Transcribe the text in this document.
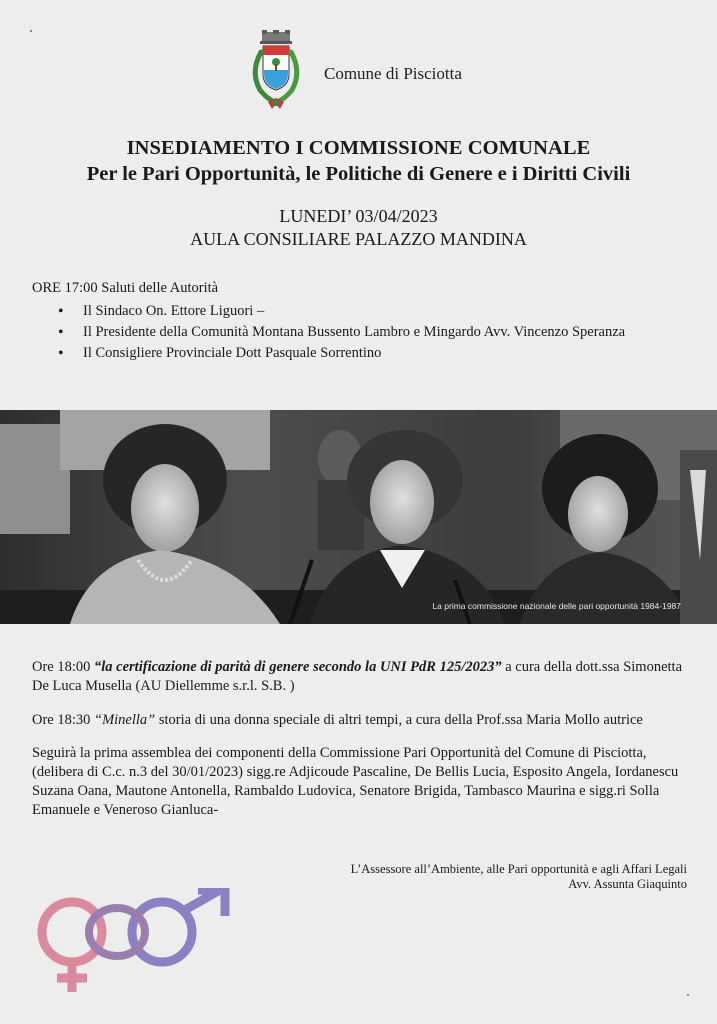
Comune di Pisciotta
INSEDIAMENTO I COMMISSIONE COMUNALE
Per le Pari Opportunità, le Politiche di Genere e i Diritti Civili
LUNEDI’ 03/04/2023
AULA CONSILIARE PALAZZO MANDINA
ORE 17:00 Saluti delle Autorità
• Il Sindaco On. Ettore Liguori –
• Il Presidente della Comunità Montana Bussento Lambro e Mingardo Avv. Vincenzo Speranza
• Il Consigliere Provinciale Dott Pasquale Sorrentino
La prima commissione nazionale delle pari opportunità 1984-1987
Ore 18:00 “la certificazione di parità di genere secondo la UNI PdR 125/2023” a cura della dott.ssa Simonetta De Luca Musella (AU Diellemme s.r.l. S.B. )
Ore 18:30 “Minella” storia di una donna speciale di altri tempi, a cura della Prof.ssa Maria Mollo autrice
Seguirà la prima assemblea dei componenti della Commissione Pari Opportunità del Comune di Pisciotta, (delibera di C.c. n.3 del 30/01/2023) sigg.re Adjicoude Pascaline, De Bellis Lucia, Esposito Angela, Iordanescu Suzana Oana, Mautone Antonella, Rambaldo Ludovica, Senatore Brigida, Tambasco Maurina e sigg.ri Solla Emanuele e Veneroso Gianluca-
L’Assessore all’Ambiente, alle Pari opportunità e agli Affari Legali
Avv. Assunta Giaquinto
